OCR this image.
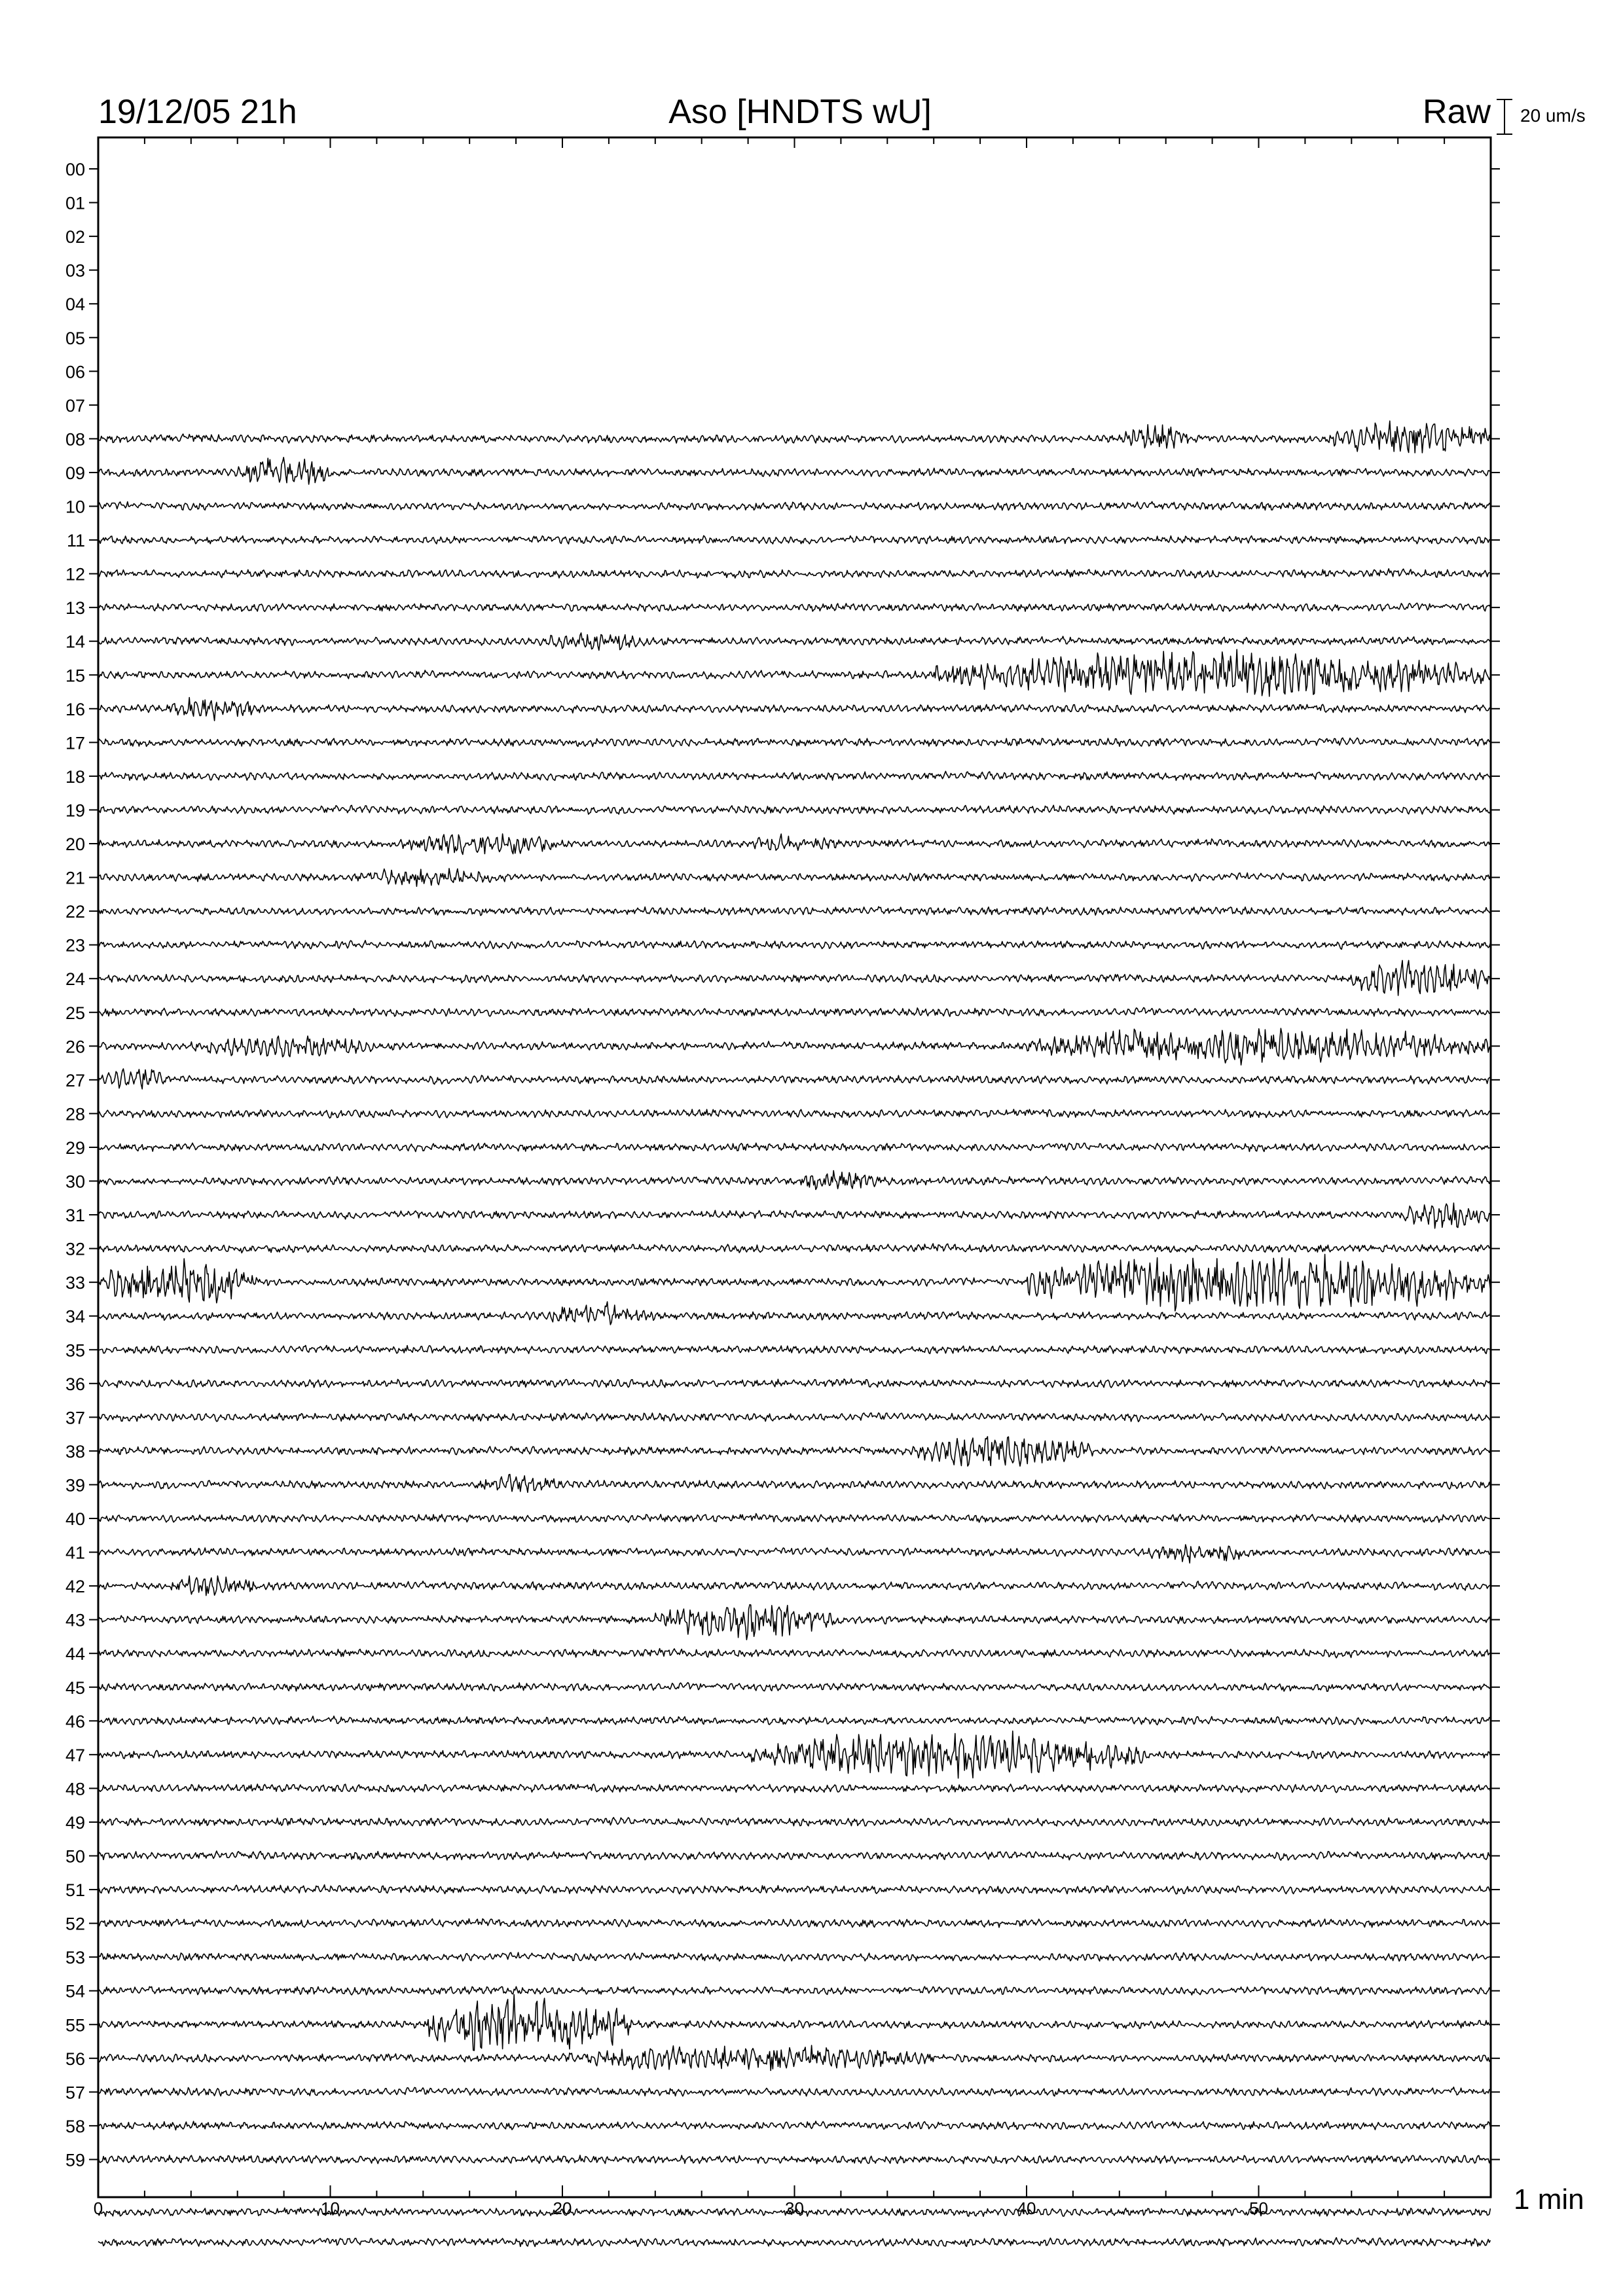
19/12/05 21h	Aso [HNDTS wU]	Raw 20 um/s
00
01
02
03
04
05
06
07
08
09
10
11
12
13
14
15
16
17
18
19
20
21
22
23
24
25
26
27
28
29
30
31
32
33
34
35
36
37
38
39
40
41
42
43
44
45
46
47
48
49
50
51
52
53
54
55
56
57
58
59
0	10	20	30	40	50	1 min
